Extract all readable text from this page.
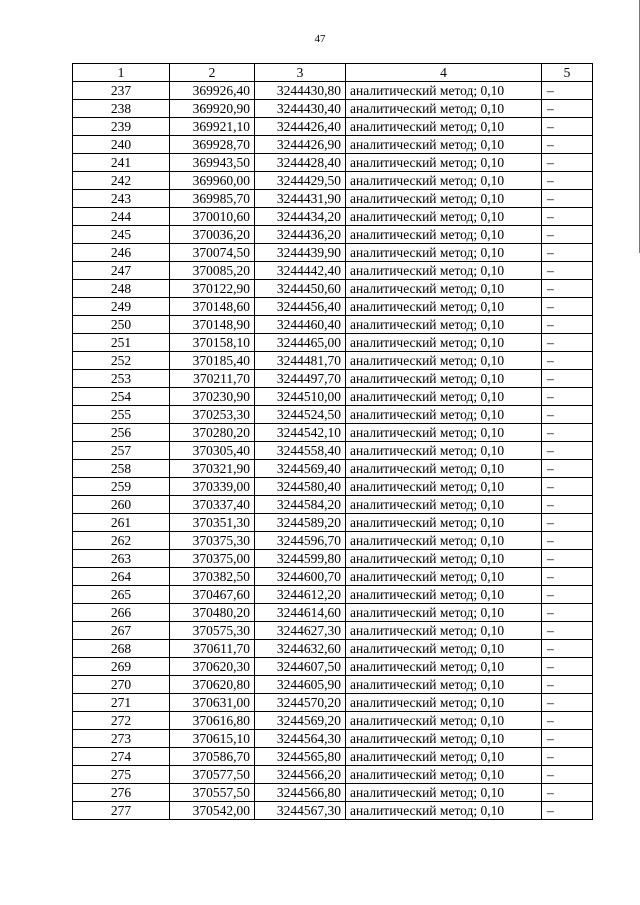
47
1	2	3	4	5
237	369926,40	3244430,80	аналитический метод; 0,10	–
238	369920,90	3244430,40	аналитический метод; 0,10	–
239	369921,10	3244426,40	аналитический метод; 0,10	–
240	369928,70	3244426,90	аналитический метод; 0,10	–
241	369943,50	3244428,40	аналитический метод; 0,10	–
242	369960,00	3244429,50	аналитический метод; 0,10	–
243	369985,70	3244431,90	аналитический метод; 0,10	–
244	370010,60	3244434,20	аналитический метод; 0,10	–
245	370036,20	3244436,20	аналитический метод; 0,10	–
246	370074,50	3244439,90	аналитический метод; 0,10	–
247	370085,20	3244442,40	аналитический метод; 0,10	–
248	370122,90	3244450,60	аналитический метод; 0,10	–
249	370148,60	3244456,40	аналитический метод; 0,10	–
250	370148,90	3244460,40	аналитический метод; 0,10	–
251	370158,10	3244465,00	аналитический метод; 0,10	–
252	370185,40	3244481,70	аналитический метод; 0,10	–
253	370211,70	3244497,70	аналитический метод; 0,10	–
254	370230,90	3244510,00	аналитический метод; 0,10	–
255	370253,30	3244524,50	аналитический метод; 0,10	–
256	370280,20	3244542,10	аналитический метод; 0,10	–
257	370305,40	3244558,40	аналитический метод; 0,10	–
258	370321,90	3244569,40	аналитический метод; 0,10	–
259	370339,00	3244580,40	аналитический метод; 0,10	–
260	370337,40	3244584,20	аналитический метод; 0,10	–
261	370351,30	3244589,20	аналитический метод; 0,10	–
262	370375,30	3244596,70	аналитический метод; 0,10	–
263	370375,00	3244599,80	аналитический метод; 0,10	–
264	370382,50	3244600,70	аналитический метод; 0,10	–
265	370467,60	3244612,20	аналитический метод; 0,10	–
266	370480,20	3244614,60	аналитический метод; 0,10	–
267	370575,30	3244627,30	аналитический метод; 0,10	–
268	370611,70	3244632,60	аналитический метод; 0,10	–
269	370620,30	3244607,50	аналитический метод; 0,10	–
270	370620,80	3244605,90	аналитический метод; 0,10	–
271	370631,00	3244570,20	аналитический метод; 0,10	–
272	370616,80	3244569,20	аналитический метод; 0,10	–
273	370615,10	3244564,30	аналитический метод; 0,10	–
274	370586,70	3244565,80	аналитический метод; 0,10	–
275	370577,50	3244566,20	аналитический метод; 0,10	–
276	370557,50	3244566,80	аналитический метод; 0,10	–
277	370542,00	3244567,30	аналитический метод; 0,10	–
